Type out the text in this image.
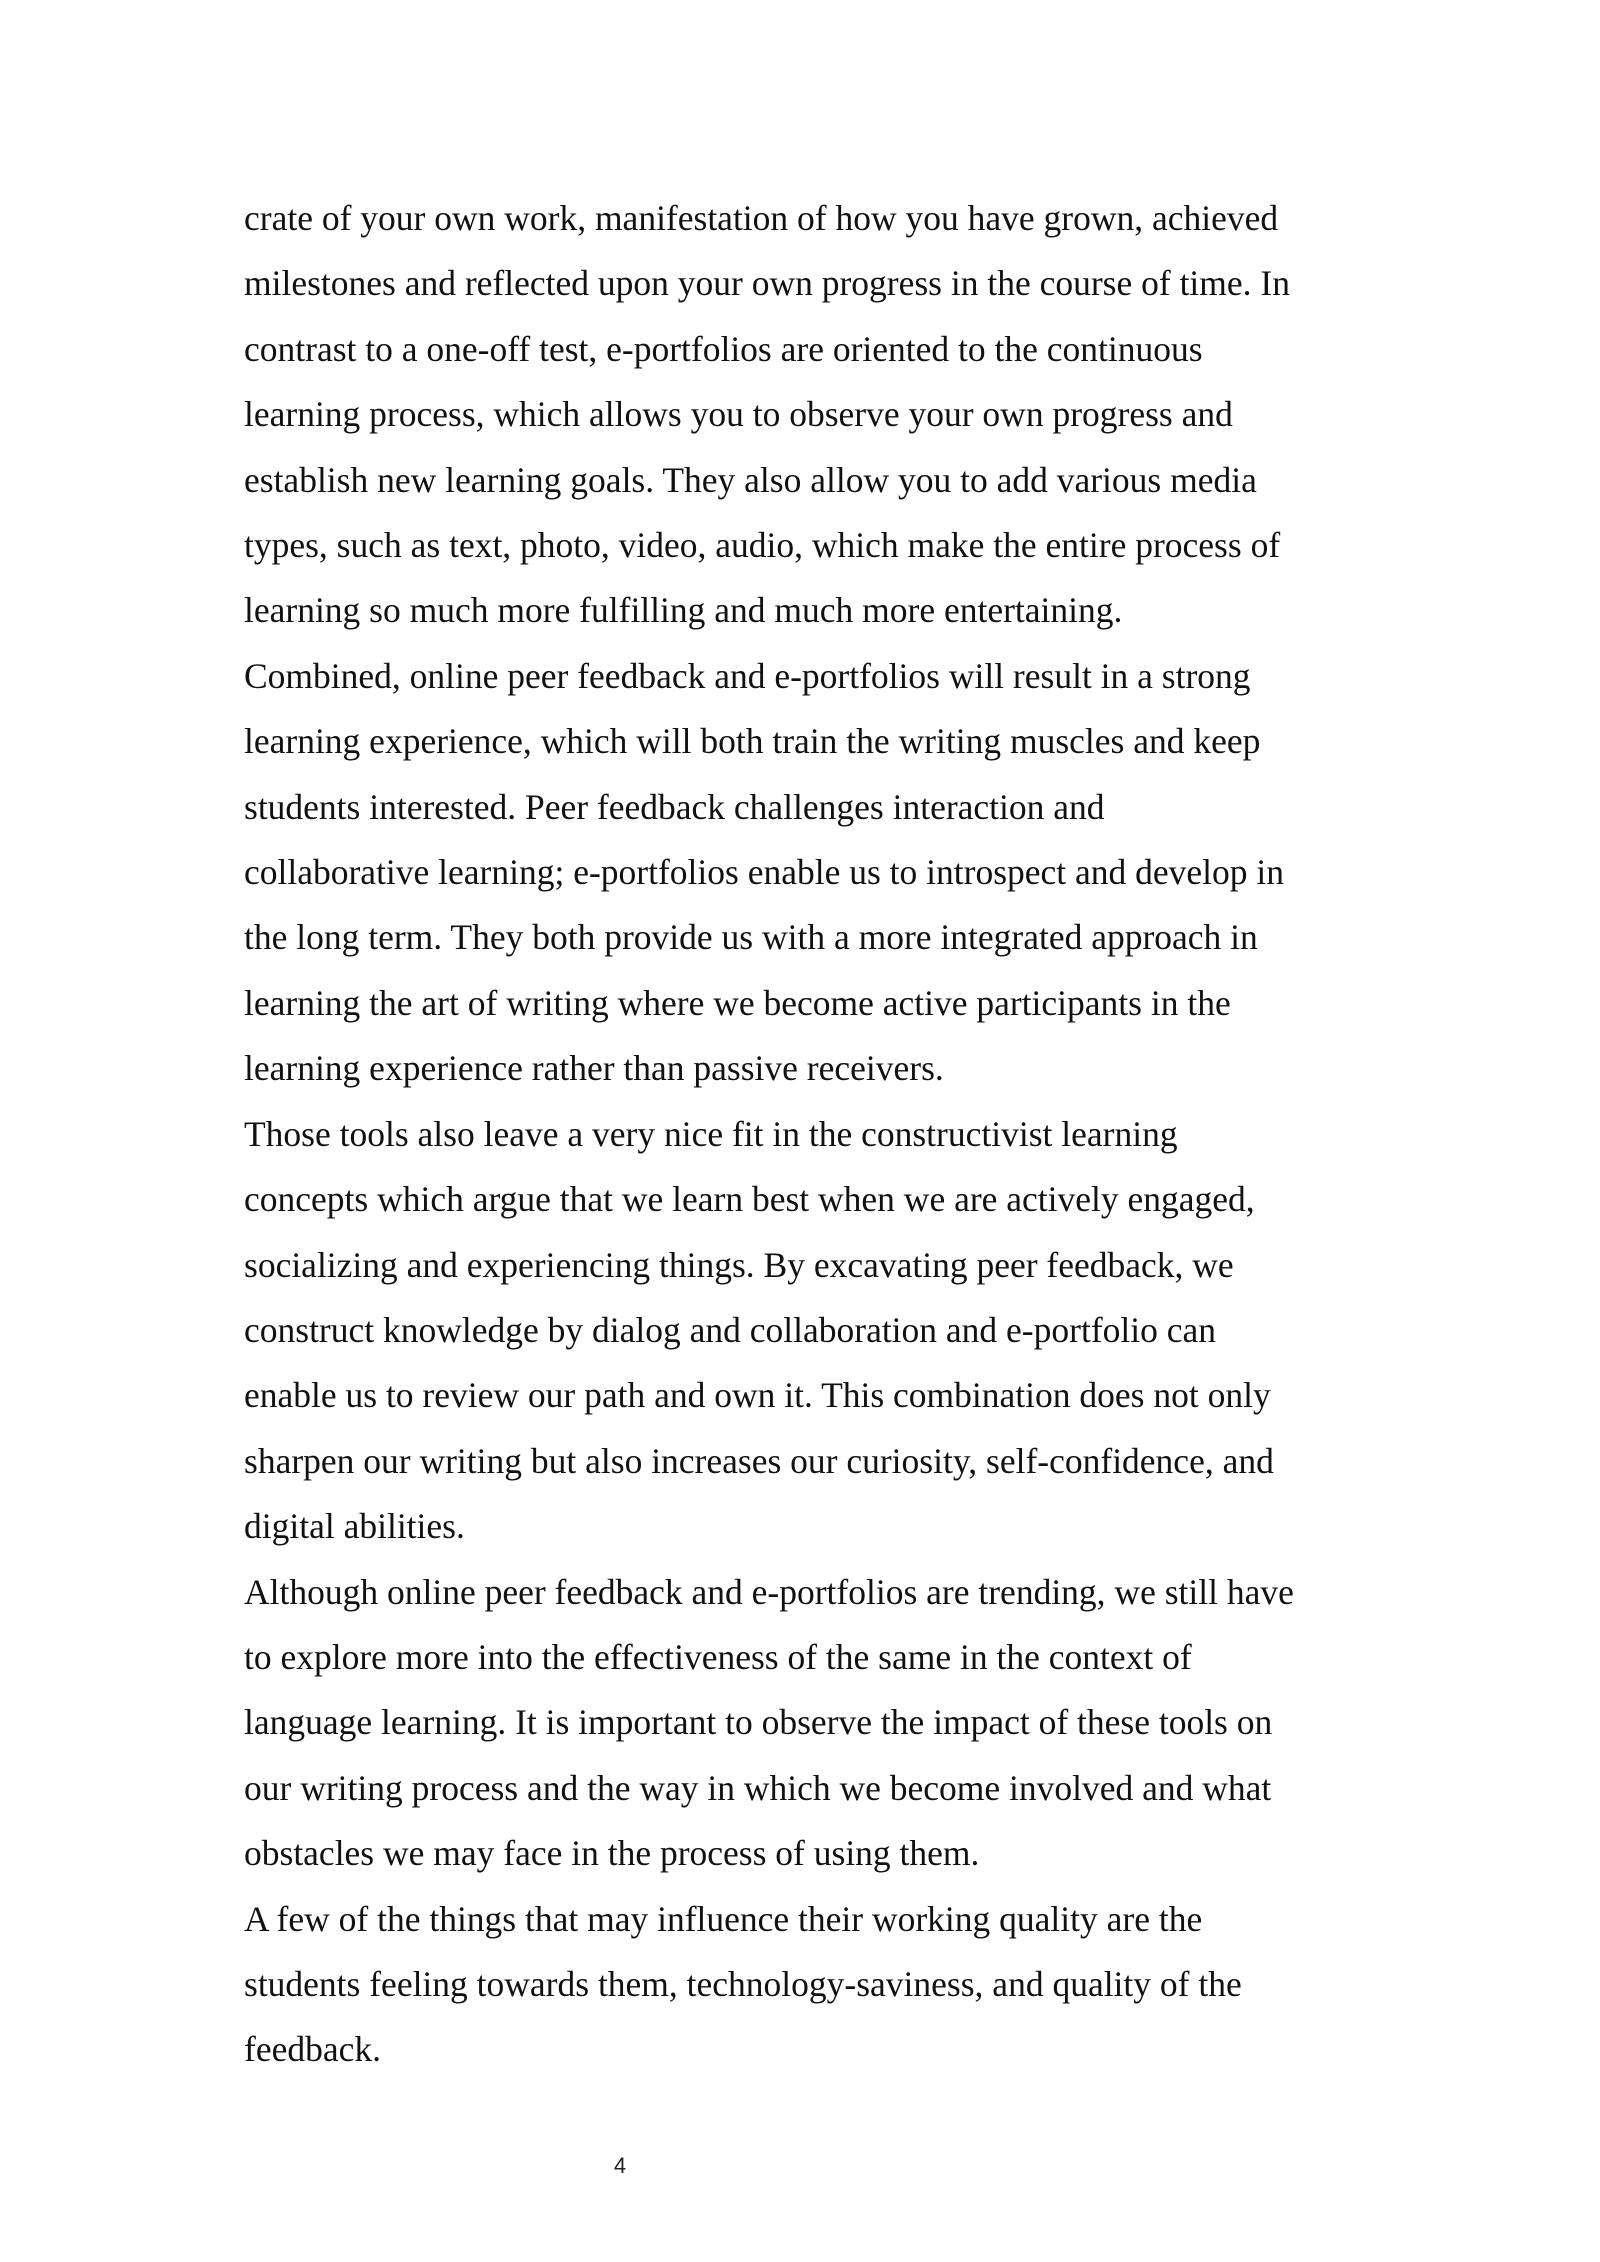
crate of your own work, manifestation of how you have grown, achieved
milestones and reflected upon your own progress in the course of time. In
contrast to a one-off test, e-portfolios are oriented to the continuous
learning process, which allows you to observe your own progress and
establish new learning goals. They also allow you to add various media
types, such as text, photo, video, audio, which make the entire process of
learning so much more fulfilling and much more entertaining.
Combined, online peer feedback and e-portfolios will result in a strong
learning experience, which will both train the writing muscles and keep
students interested. Peer feedback challenges interaction and
collaborative learning; e-portfolios enable us to introspect and develop in
the long term. They both provide us with a more integrated approach in
learning the art of writing where we become active participants in the
learning experience rather than passive receivers.
Those tools also leave a very nice fit in the constructivist learning
concepts which argue that we learn best when we are actively engaged,
socializing and experiencing things. By excavating peer feedback, we
construct knowledge by dialog and collaboration and e-portfolio can
enable us to review our path and own it. This combination does not only
sharpen our writing but also increases our curiosity, self-confidence, and
digital abilities.
Although online peer feedback and e-portfolios are trending, we still have
to explore more into the effectiveness of the same in the context of
language learning. It is important to observe the impact of these tools on
our writing process and the way in which we become involved and what
obstacles we may face in the process of using them.
A few of the things that may influence their working quality are the
students feeling towards them, technology-saviness, and quality of the
feedback.
4
